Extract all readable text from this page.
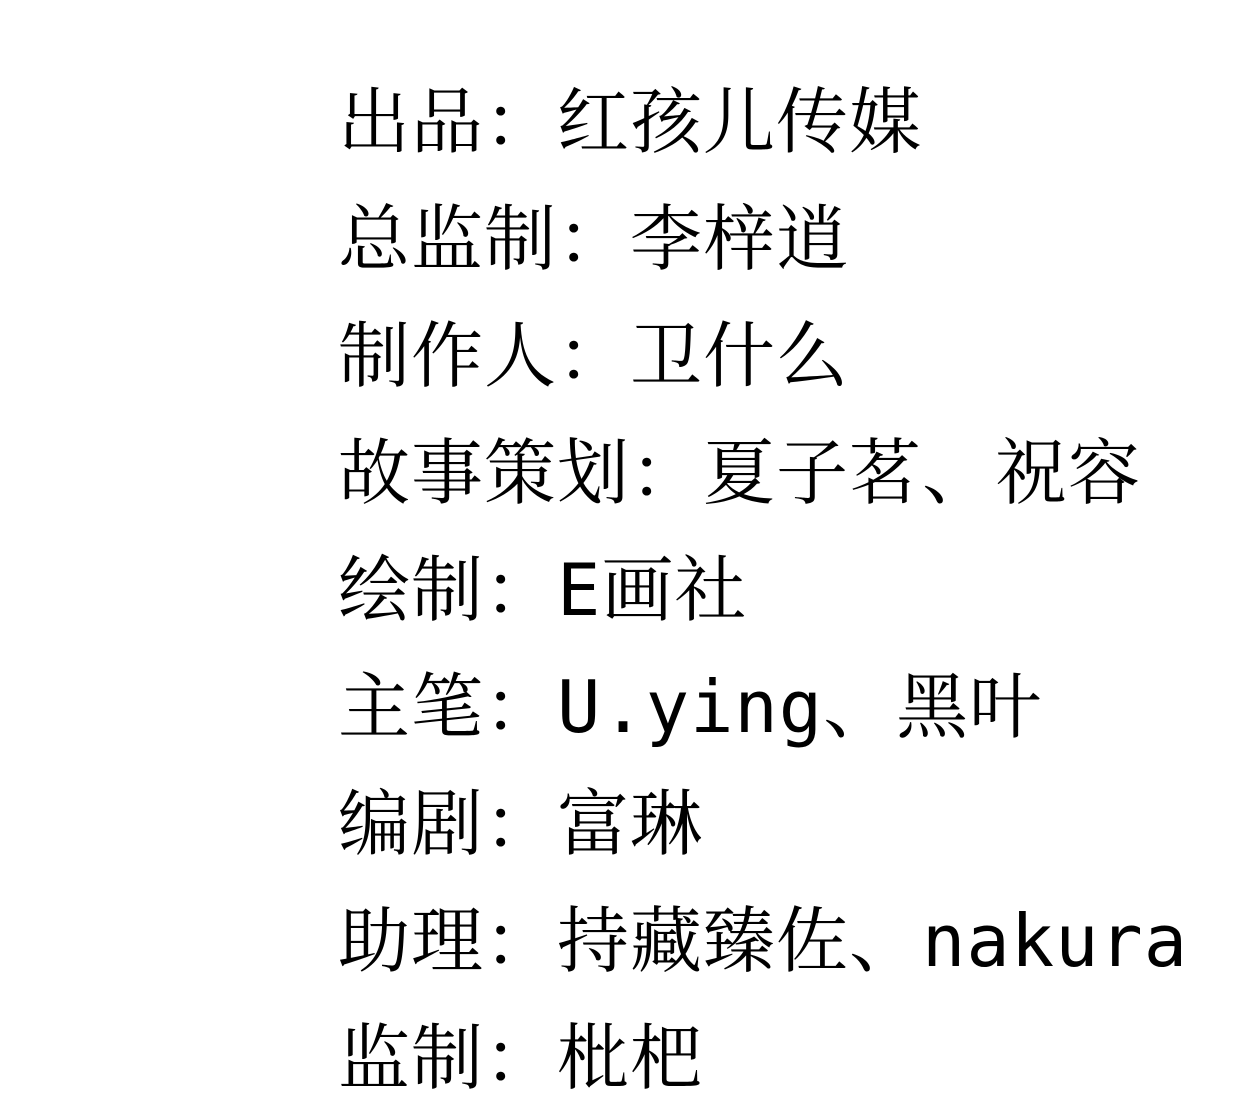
出品：红孩儿传媒
总监制：李梓逍
制作人：卫什么
故事策划：夏子茗、祝容
绘制：E画社
主笔：U.ying、黑叶
编剧：富琳
助理：持藏臻佐、nakura
监制：枇杷
